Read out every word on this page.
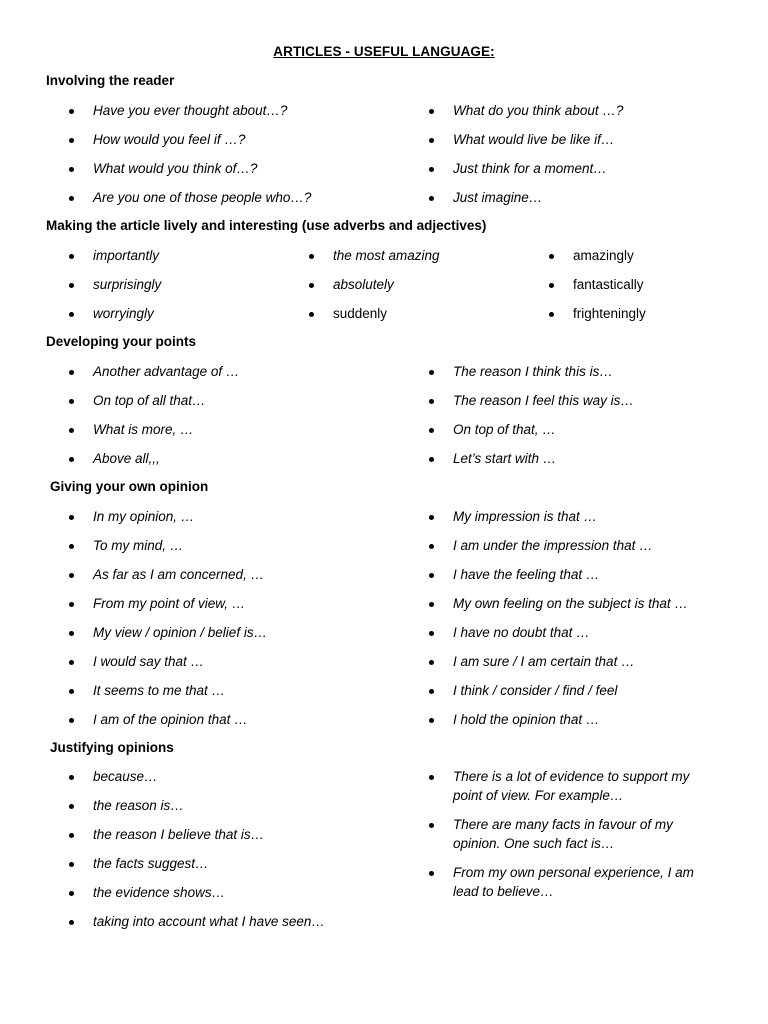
ARTICLES - USEFUL LANGUAGE:
Involving the reader
Have you ever thought about…?
How would you feel if …?
What would you think of…?
Are you one of those people who…?
What do you think about …?
What would live be like if…
Just think for a moment…
Just imagine…
Making the article lively and interesting (use adverbs and adjectives)
importantly
surprisingly
worryingly
the most amazing
absolutely
suddenly
amazingly
fantastically
frighteningly
Developing your points
Another advantage of …
On top of all that…
What is more, …
Above all,,,
The reason I think this is…
The reason I feel this way is…
On top of that, …
Let’s start with …
Giving your own opinion
In my opinion, …
To my mind, …
As far as I am concerned, …
From my point of view, …
My view / opinion / belief is…
I would say that …
It seems to me that …
I am of the opinion that …
My impression is that …
I am under the impression that …
I have the feeling that …
My own feeling on the subject is that …
I have no doubt that …
I am sure / I am certain that …
I think / consider / find / feel
I hold the opinion that …
Justifying opinions
because…
the reason is…
the reason I believe that is…
the facts suggest…
the evidence shows…
taking into account what I have seen…
There is a lot of evidence to support my point of view. For example…
There are many facts in favour of my opinion. One such fact is…
From my own personal experience, I am lead to believe…
